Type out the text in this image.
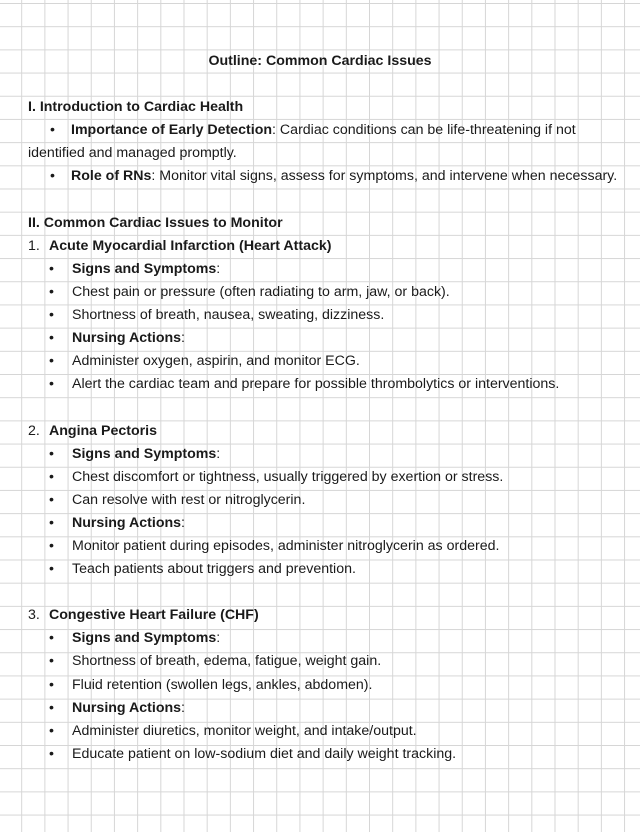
Outline: Common Cardiac Issues
I. Introduction to Cardiac Health
• Importance of Early Detection: Cardiac conditions can be life-threatening if not identified and managed promptly.
• Role of RNs: Monitor vital signs, assess for symptoms, and intervene when necessary.
II. Common Cardiac Issues to Monitor
1. Acute Myocardial Infarction (Heart Attack)
• Signs and Symptoms:
• Chest pain or pressure (often radiating to arm, jaw, or back).
• Shortness of breath, nausea, sweating, dizziness.
• Nursing Actions:
• Administer oxygen, aspirin, and monitor ECG.
• Alert the cardiac team and prepare for possible thrombolytics or interventions.
2. Angina Pectoris
• Signs and Symptoms:
• Chest discomfort or tightness, usually triggered by exertion or stress.
• Can resolve with rest or nitroglycerin.
• Nursing Actions:
• Monitor patient during episodes, administer nitroglycerin as ordered.
• Teach patients about triggers and prevention.
3. Congestive Heart Failure (CHF)
• Signs and Symptoms:
• Shortness of breath, edema, fatigue, weight gain.
• Fluid retention (swollen legs, ankles, abdomen).
• Nursing Actions:
• Administer diuretics, monitor weight, and intake/output.
• Educate patient on low-sodium diet and daily weight tracking.
